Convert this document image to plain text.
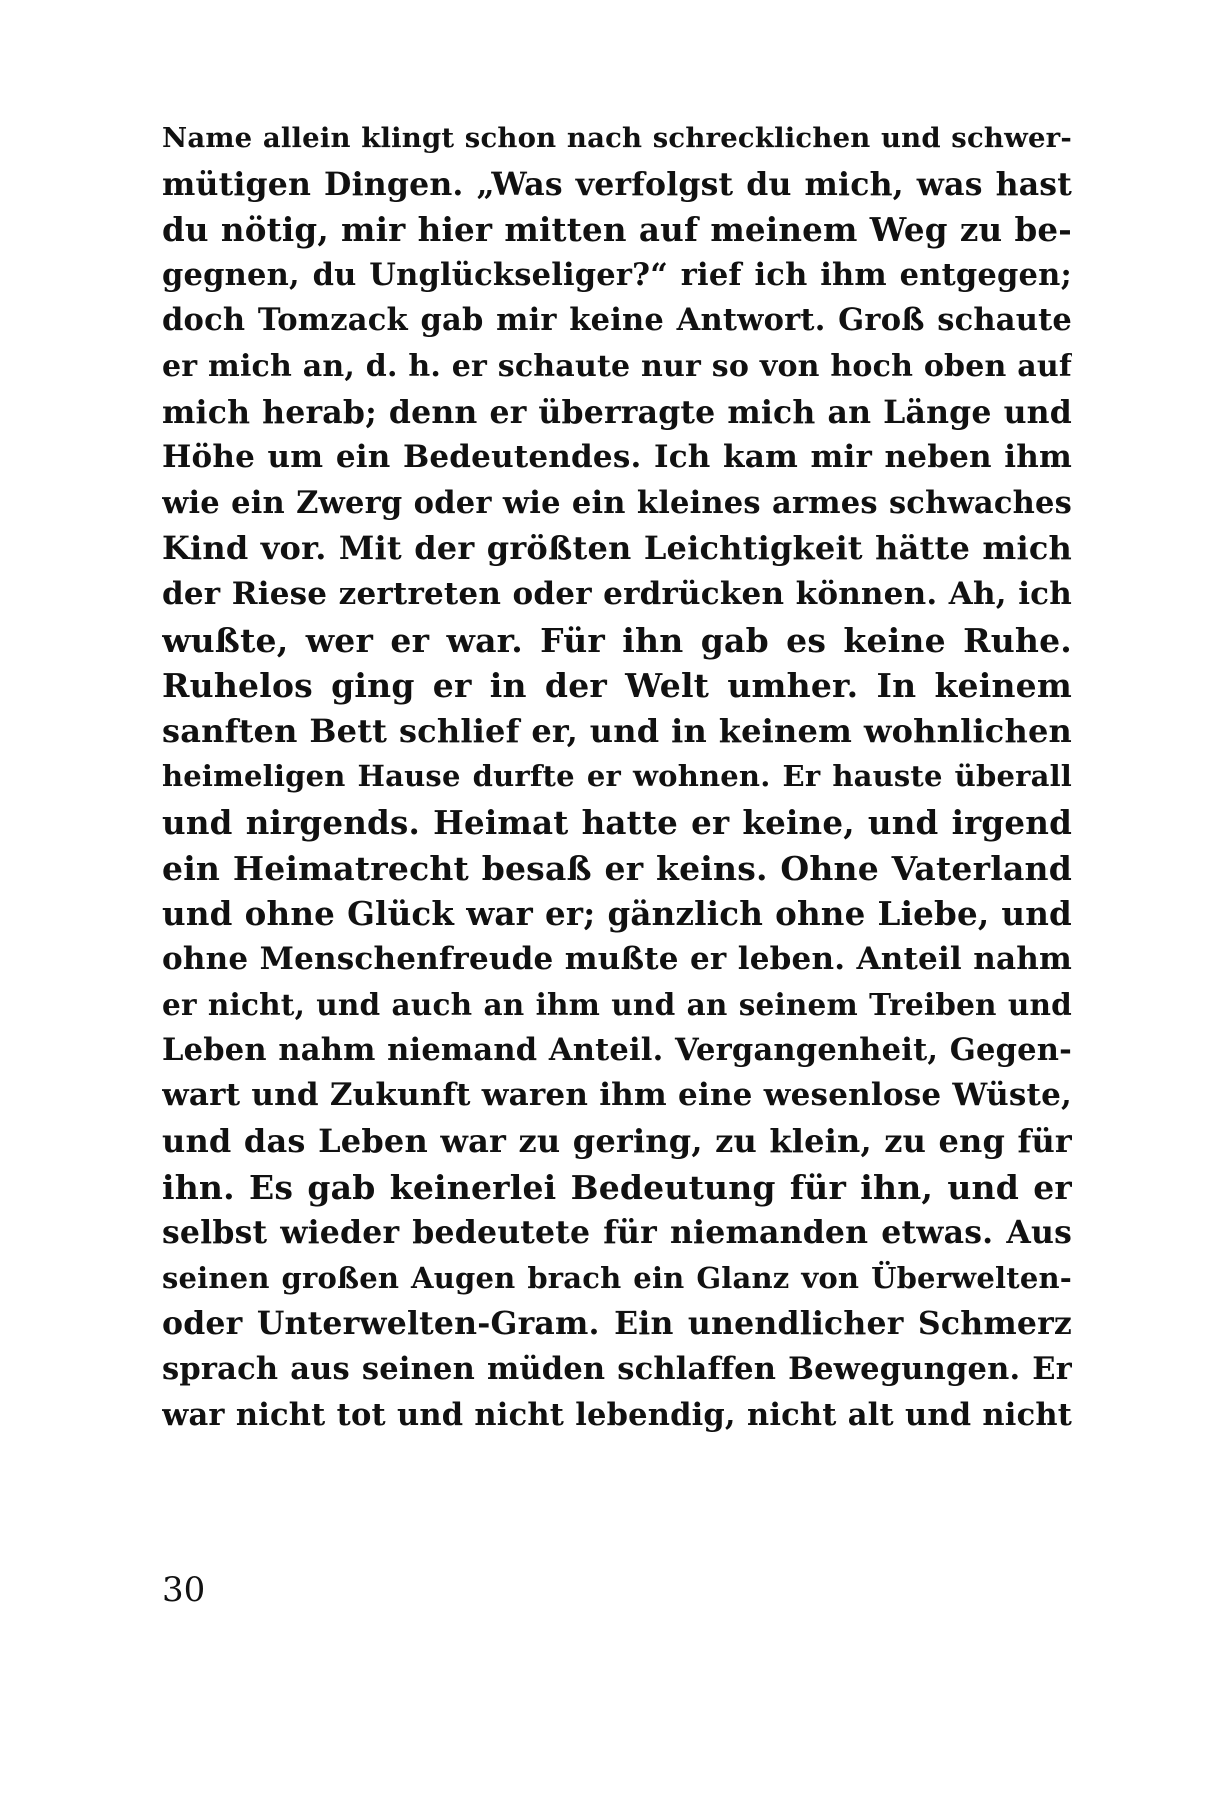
Name allein klingt schon nach schrecklichen und schwer-
mütigen Dingen. „Was verfolgst du mich, was hast
du nötig, mir hier mitten auf meinem Weg zu be-
gegnen, du Unglückseliger?“ rief ich ihm entgegen;
doch Tomzack gab mir keine Antwort. Groß schaute
er mich an, d. h. er schaute nur so von hoch oben auf
mich herab; denn er überragte mich an Länge und
Höhe um ein Bedeutendes. Ich kam mir neben ihm
wie ein Zwerg oder wie ein kleines armes schwaches
Kind vor. Mit der größten Leichtigkeit hätte mich
der Riese zertreten oder erdrücken können. Ah, ich
wußte, wer er war. Für ihn gab es keine Ruhe.
Ruhelos ging er in der Welt umher. In keinem
sanften Bett schlief er, und in keinem wohnlichen
heimeligen Hause durfte er wohnen. Er hauste überall
und nirgends. Heimat hatte er keine, und irgend
ein Heimatrecht besaß er keins. Ohne Vaterland
und ohne Glück war er; gänzlich ohne Liebe, und
ohne Menschenfreude mußte er leben. Anteil nahm
er nicht, und auch an ihm und an seinem Treiben und
Leben nahm niemand Anteil. Vergangenheit, Gegen-
wart und Zukunft waren ihm eine wesenlose Wüste,
und das Leben war zu gering, zu klein, zu eng für
ihn. Es gab keinerlei Bedeutung für ihn, und er
selbst wieder bedeutete für niemanden etwas. Aus
seinen großen Augen brach ein Glanz von Überwelten-
oder Unterwelten-Gram. Ein unendlicher Schmerz
sprach aus seinen müden schlaffen Bewegungen. Er
war nicht tot und nicht lebendig, nicht alt und nicht
30
